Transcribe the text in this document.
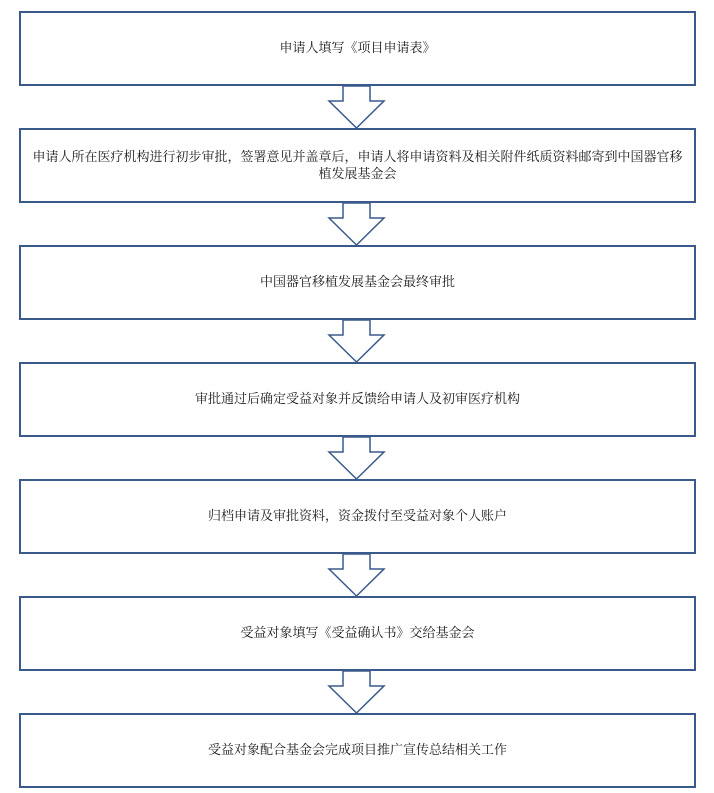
申请人填写《项目申请表》
申请人所在医疗机构进行初步审批，签署意见并盖章后，申请人将申请资料及相关附件纸质资料邮寄到中国器官移植发展基金会
中国器官移植发展基金会最终审批
审批通过后确定受益对象并反馈给申请人及初审医疗机构
归档申请及审批资料，资金拨付至受益对象个人账户
受益对象填写《受益确认书》交给基金会
受益对象配合基金会完成项目推广宣传总结相关工作
